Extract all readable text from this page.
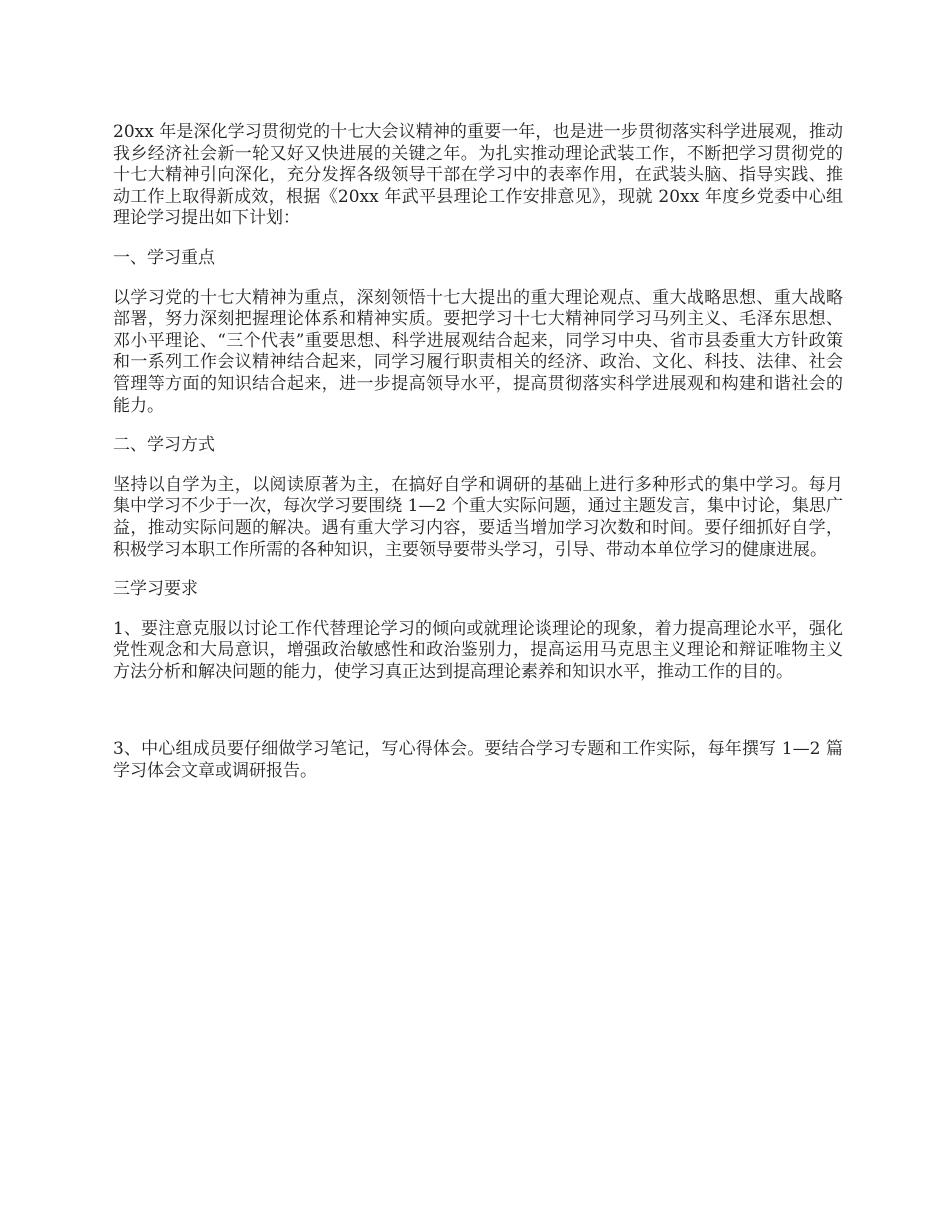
20xx 年是深化学习贯彻党的十七大会议精神的重要一年，也是进一步贯彻落实科学进展观，推动我乡经济社会新一轮又好又快进展的关键之年。为扎实推动理论武装工作，不断把学习贯彻党的十七大精神引向深化，充分发挥各级领导干部在学习中的表率作用，在武装头脑、指导实践、推动工作上取得新成效，根据《20xx 年武平县理论工作安排意见》，现就 20xx 年度乡党委中心组理论学习提出如下计划：

一、学习重点

以学习党的十七大精神为重点，深刻领悟十七大提出的重大理论观点、重大战略思想、重大战略部署，努力深刻把握理论体系和精神实质。要把学习十七大精神同学习马列主义、毛泽东思想、邓小平理论、“三个代表”重要思想、科学进展观结合起来，同学习中央、省市县委重大方针政策和一系列工作会议精神结合起来，同学习履行职责相关的经济、政治、文化、科技、法律、社会管理等方面的知识结合起来，进一步提高领导水平，提高贯彻落实科学进展观和构建和谐社会的能力。

二、学习方式

坚持以自学为主，以阅读原著为主，在搞好自学和调研的基础上进行多种形式的集中学习。每月集中学习不少于一次，每次学习要围绕 1—2 个重大实际问题，通过主题发言，集中讨论，集思广益，推动实际问题的解决。遇有重大学习内容，要适当增加学习次数和时间。要仔细抓好自学，积极学习本职工作所需的各种知识，主要领导要带头学习，引导、带动本单位学习的健康进展。

三学习要求

1、要注意克服以讨论工作代替理论学习的倾向或就理论谈理论的现象，着力提高理论水平，强化党性观念和大局意识，增强政治敏感性和政治鉴别力，提高运用马克思主义理论和辩证唯物主义方法分析和解决问题的能力，使学习真正达到提高理论素养和知识水平，推动工作的目的。

3、中心组成员要仔细做学习笔记，写心得体会。要结合学习专题和工作实际，每年撰写 1—2 篇学习体会文章或调研报告。
